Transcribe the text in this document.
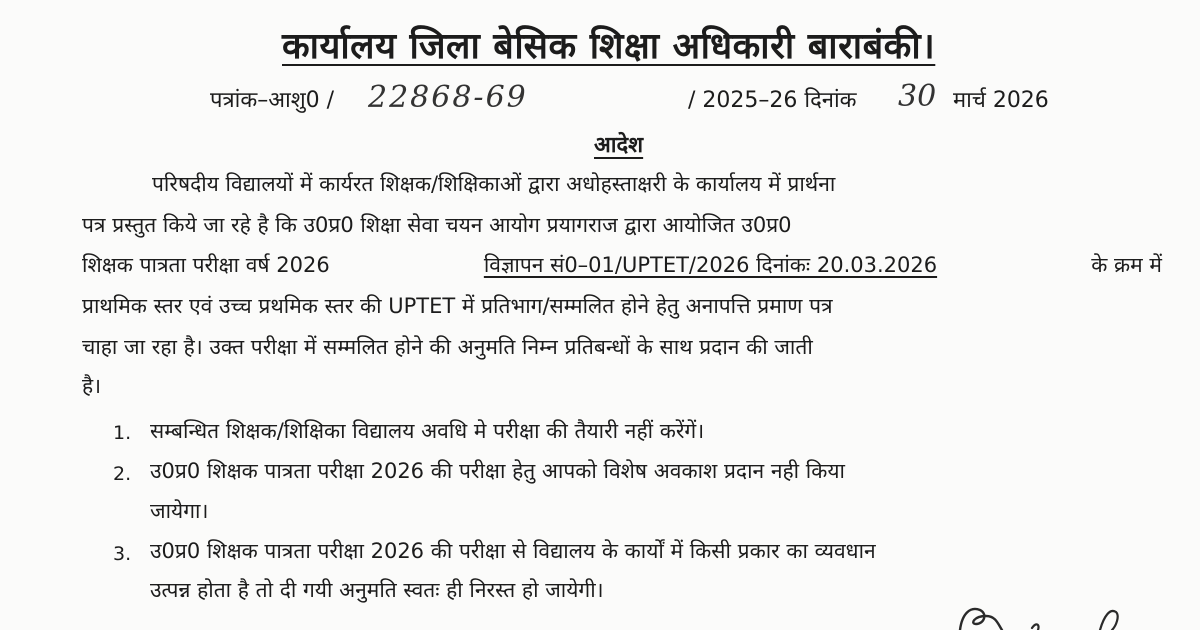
कार्यालय जिला बेसिक शिक्षा अधिकारी बाराबंकी।
पत्रांक–आशु0 / 22868-69	/ 2025–26 दिनांक 30 मार्च 2026
आदेश
परिषदीय विद्यालयों में कार्यरत शिक्षक/शिक्षिकाओं द्वारा अधोहस्ताक्षरी के कार्यालय में प्रार्थना
पत्र प्रस्तुत किये जा रहे है कि उ0प्र0 शिक्षा सेवा चयन आयोग प्रयागराज द्वारा आयोजित उ0प्र0
शिक्षक पात्रता परीक्षा वर्ष 2026	विज्ञापन सं0–01/UPTET/2026 दिनांकः 20.03.2026	के क्रम में
प्राथमिक स्तर एवं उच्च प्रथमिक स्तर की UPTET में प्रतिभाग/सम्मलित होने हेतु अनापत्ति प्रमाण पत्र
चाहा जा रहा है। उक्त परीक्षा में सम्मलित होने की अनुमति निम्न प्रतिबन्धों के साथ प्रदान की जाती
है।
1. सम्बन्धित शिक्षक/शिक्षिका विद्यालय अवधि मे परीक्षा की तैयारी नहीं करेंगें।
2. उ0प्र0 शिक्षक पात्रता परीक्षा 2026 की परीक्षा हेतु आपको विशेष अवकाश प्रदान नही किया
जायेगा।
3. उ0प्र0 शिक्षक पात्रता परीक्षा 2026 की परीक्षा से विद्यालय के कार्यों में किसी प्रकार का व्यवधान
उत्पन्न होता है तो दी गयी अनुमति स्वतः ही निरस्त हो जायेगी।
